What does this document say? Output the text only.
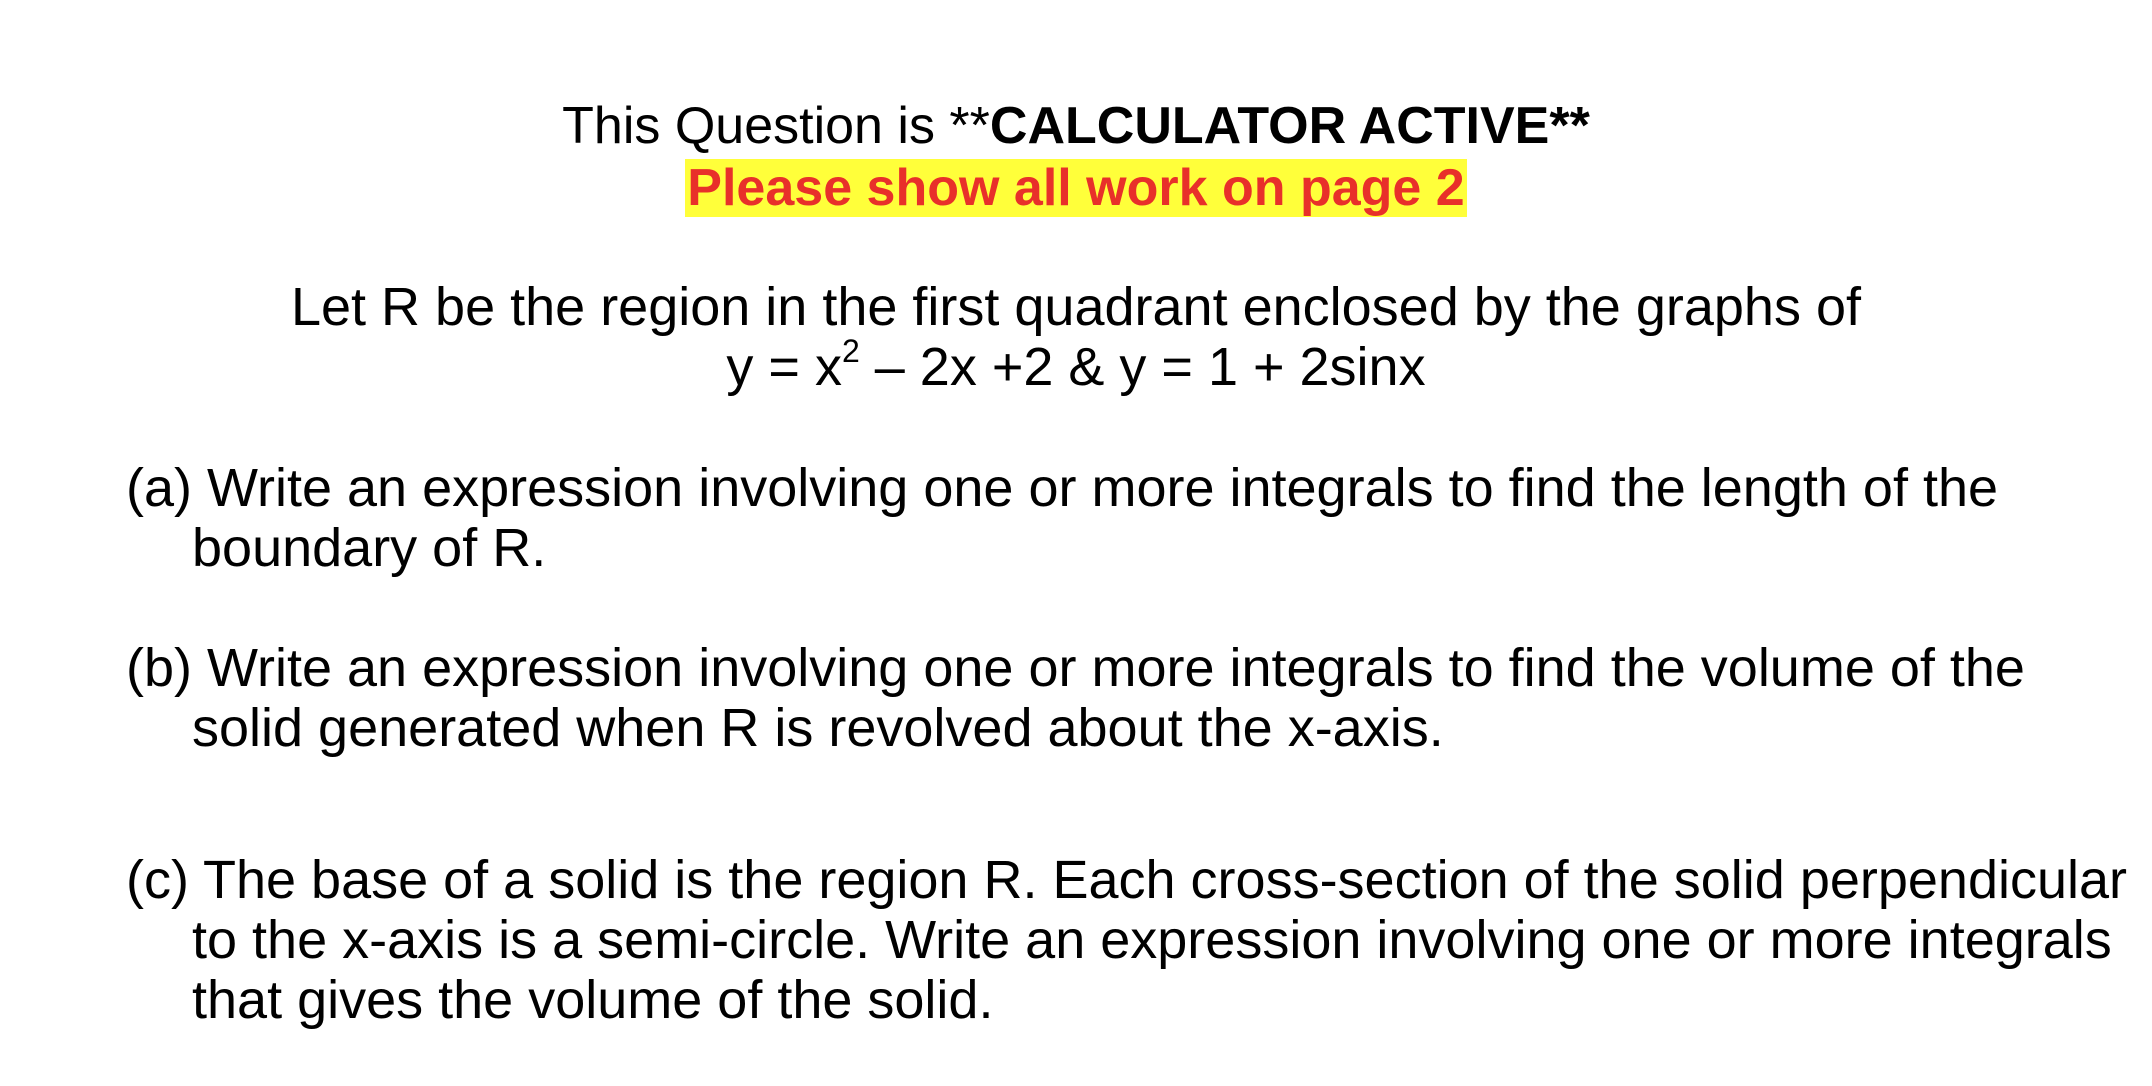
This Question is **CALCULATOR ACTIVE**
Please show all work on page 2
Let R be the region in the first quadrant enclosed by the graphs of
$y = x^2 - 2x +2$ & y = 1 + 2sinx
(a) Write an expression involving one or more integrals to find the length of the
boundary of R.
(b) Write an expression involving one or more integrals to find the volume of the
solid generated when R is revolved about the x-axis.
(c) The base of a solid is the region R. Each cross-section of the solid perpendicular
to the x-axis is a semi-circle. Write an expression involving one or more integrals
that gives the volume of the solid.
